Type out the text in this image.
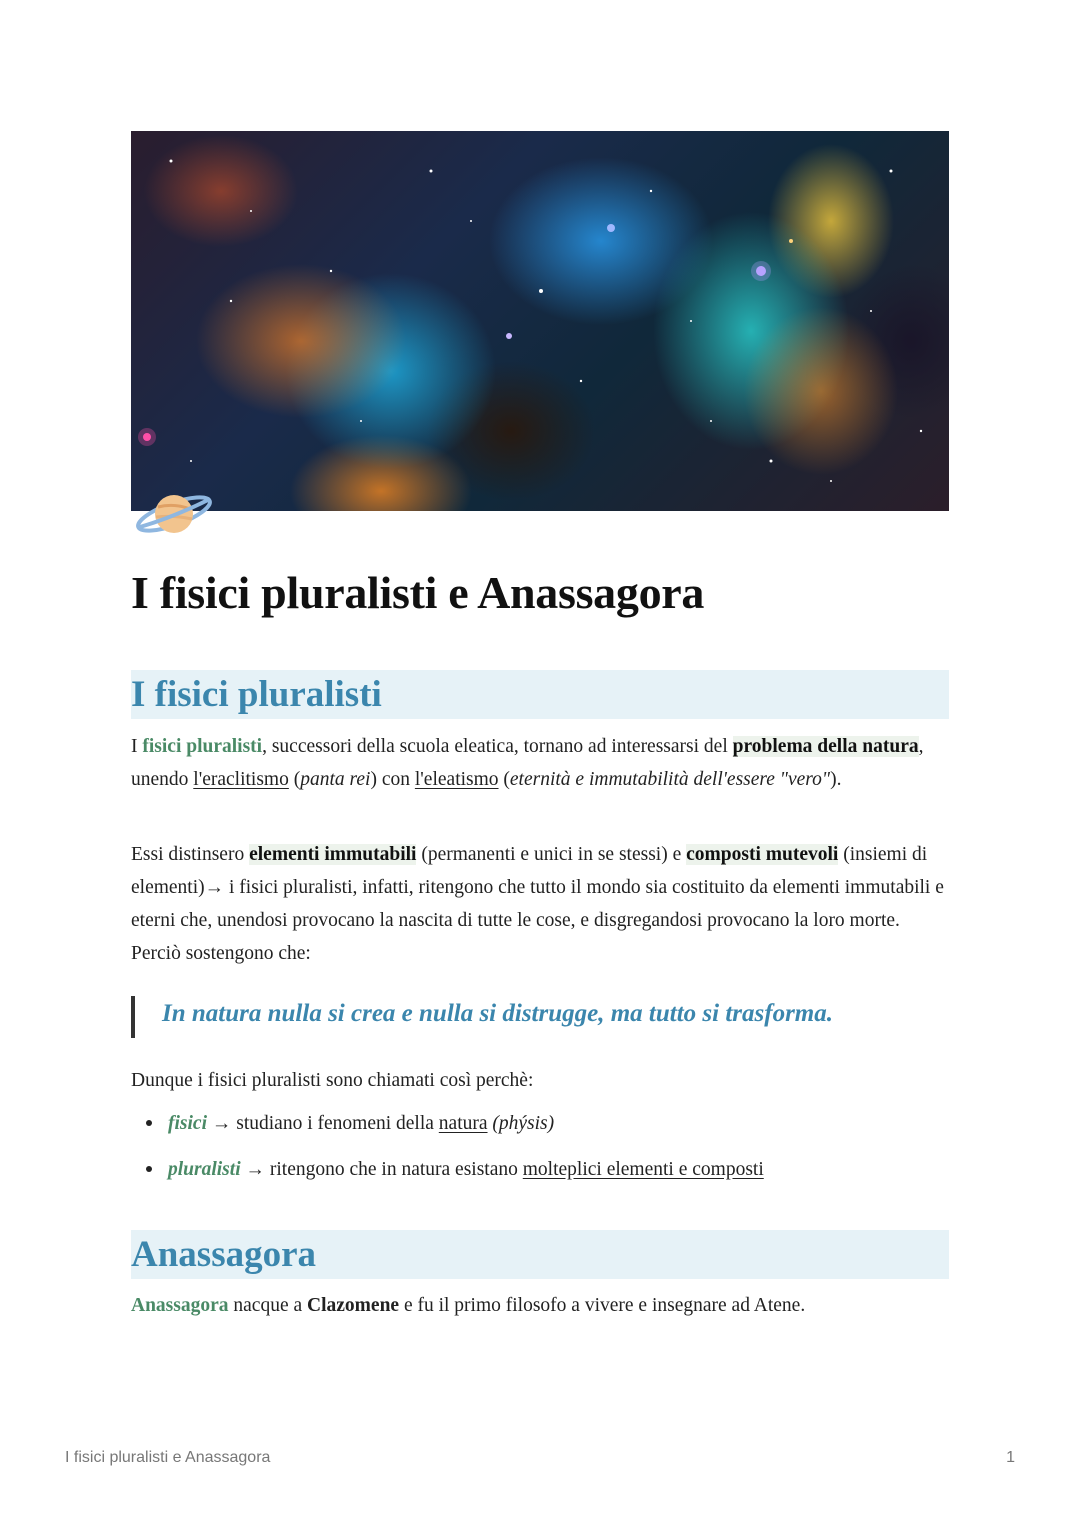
I fisici pluralisti e Anassagora
I fisici pluralisti

I fisici pluralisti, successori della scuola eleatica, tornano ad interessarsi del problema della natura, unendo l'eraclitismo (panta rei) con l'eleatismo (eternità e immutabilità dell'essere "vero").

Essi distinsero elementi immutabili (permanenti e unici in se stessi) e composti mutevoli (insiemi di elementi)→ i fisici pluralisti, infatti, ritengono che tutto il mondo sia costituito da elementi immutabili e eterni che, unendosi provocano la nascita di tutte le cose, e disgregandosi provocano la loro morte. Perciò sostengono che:

In natura nulla si crea e nulla si distrugge, ma tutto si trasforma.

Dunque i fisici pluralisti sono chiamati così perchè:

fisici → studiano i fenomeni della natura (phýsis)
pluralisti → ritengono che in natura esistano molteplici elementi e composti
Anassagora

Anassagora nacque a Clazomene e fu il primo filosofo a vivere e insegnare ad Atene.

I fisici pluralisti e Anassagora	1
